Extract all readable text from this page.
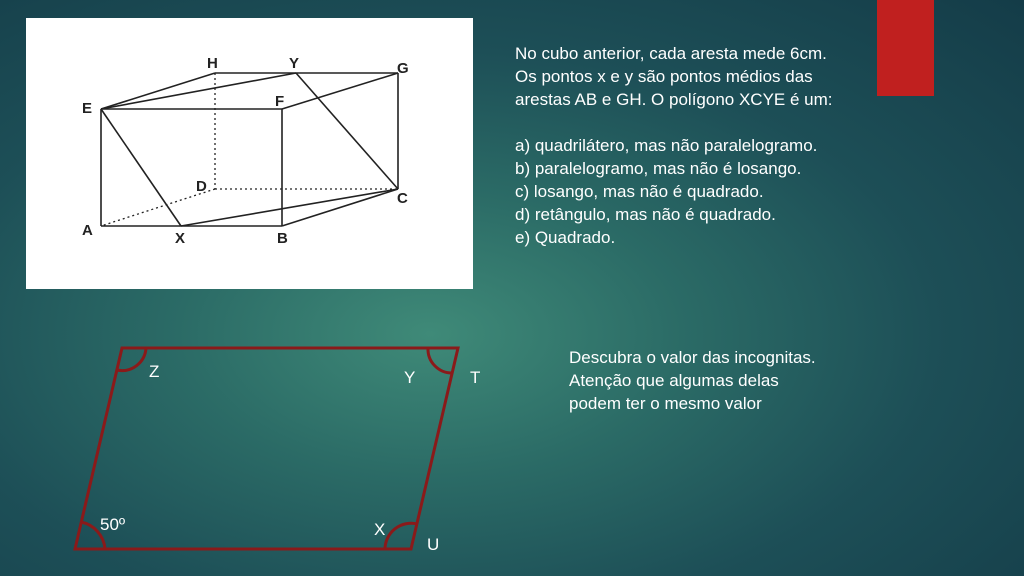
H	Y	G
E	F
D
C
A	X	B
No cubo anterior, cada aresta mede 6cm.
Os pontos x e y são pontos médios das
arestas AB e GH. O polígono XCYE é um:
a) quadrilátero, mas não paralelogramo.
b) paralelogramo, mas não é losango.
c) losango, mas não é quadrado.
d) retângulo, mas não é quadrado.
e) Quadrado.
Z	Y	T
50º	X
U
Descubra o valor das incognitas.
Atenção que algumas delas
podem ter o mesmo valor
